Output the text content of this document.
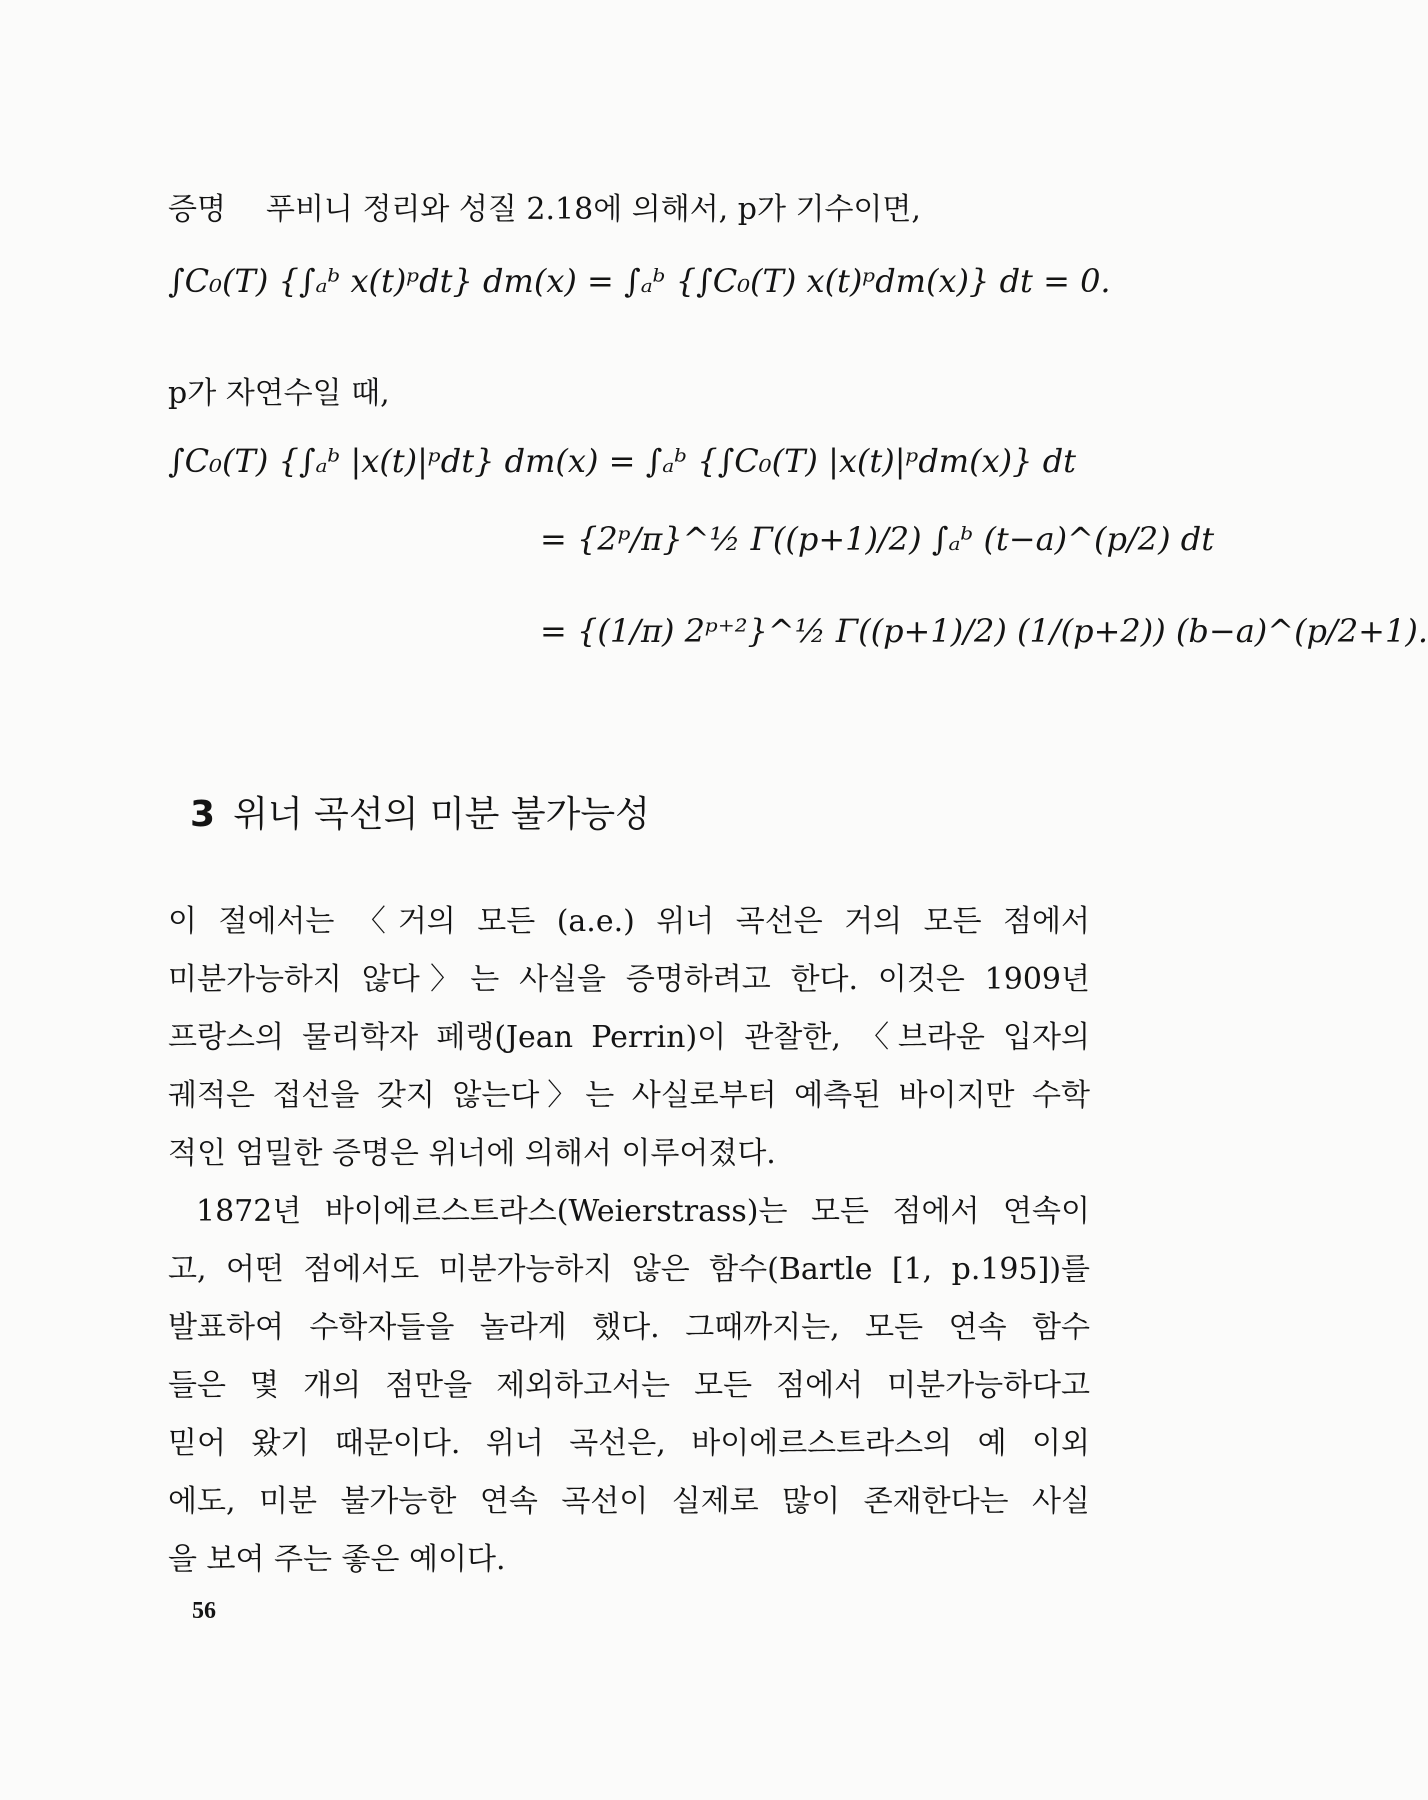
증명 푸비니 정리와 성질 2.18에 의해서, p가 기수이면,
∫C₀(T) {∫ₐᵇ x(t)ᵖdt} dm(x) = ∫ₐᵇ {∫C₀(T) x(t)ᵖdm(x)} dt = 0.
p가 자연수일 때,
∫C₀(T) {∫ₐᵇ |x(t)|ᵖdt} dm(x) = ∫ₐᵇ {∫C₀(T) |x(t)|ᵖdm(x)} dt
= {2ᵖ/π}^½ Γ((p+1)/2) ∫ₐᵇ (t−a)^(p/2) dt
= {(1/π) 2ᵖ⁺²}^½ Γ((p+1)/2) (1/(p+2)) (b−a)^(p/2+1).
3 위너 곡선의 미분 불가능성
이 절에서는 〈거의 모든 (a.e.) 위너 곡선은 거의 모든 점에서
미분가능하지 않다〉는 사실을 증명하려고 한다. 이것은 1909년
프랑스의 물리학자 페랭(Jean Perrin)이 관찰한, 〈브라운 입자의
궤적은 접선을 갖지 않는다〉는 사실로부터 예측된 바이지만 수학
적인 엄밀한 증명은 위너에 의해서 이루어졌다.
1872년 바이에르스트라스(Weierstrass)는 모든 점에서 연속이
고, 어떤 점에서도 미분가능하지 않은 함수(Bartle [1, p.195])를
발표하여 수학자들을 놀라게 했다. 그때까지는, 모든 연속 함수
들은 몇 개의 점만을 제외하고서는 모든 점에서 미분가능하다고
믿어 왔기 때문이다. 위너 곡선은, 바이에르스트라스의 예 이외
에도, 미분 불가능한 연속 곡선이 실제로 많이 존재한다는 사실
을 보여 주는 좋은 예이다.
56
